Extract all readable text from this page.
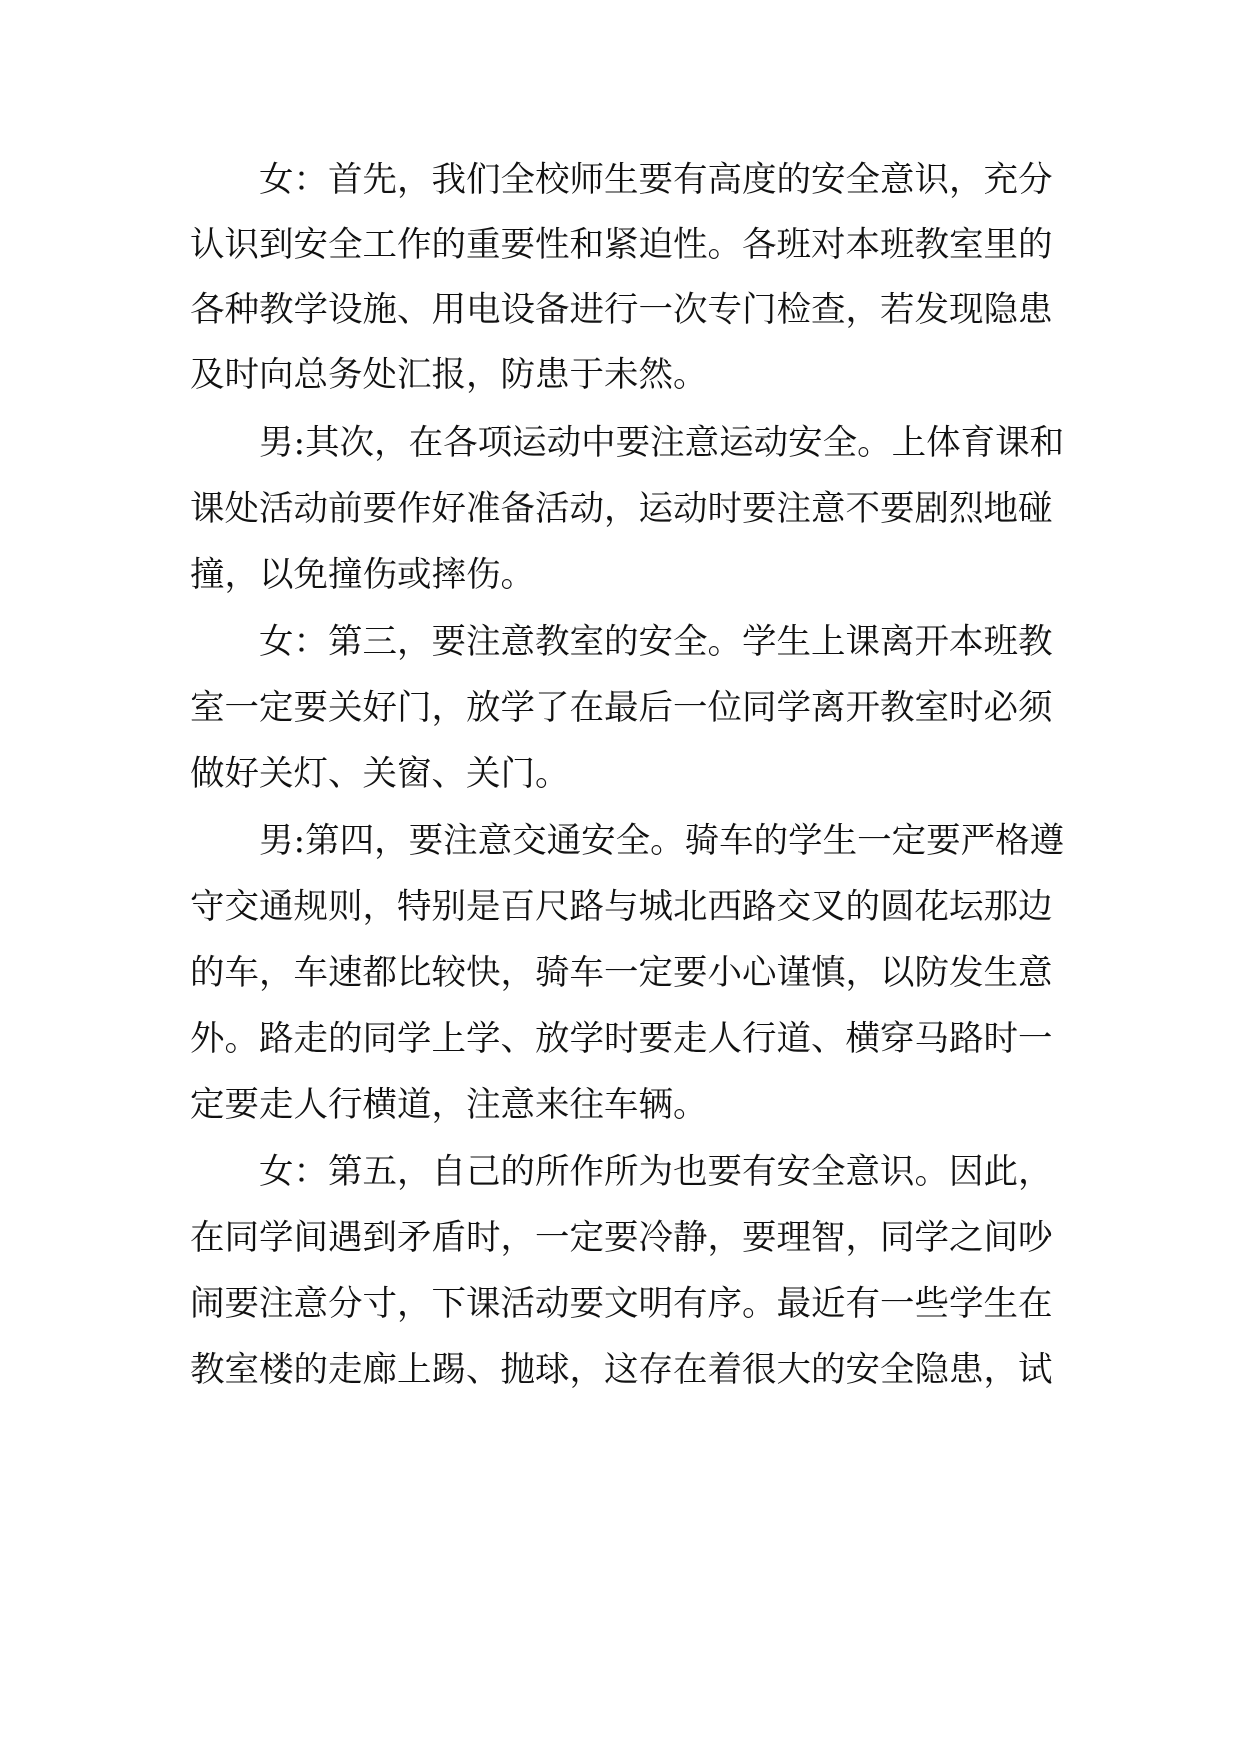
女：首先，我们全校师生要有高度的安全意识，充分
认识到安全工作的重要性和紧迫性。各班对本班教室里的
各种教学设施、用电设备进行一次专门检查，若发现隐患
及时向总务处汇报，防患于未然。
男:其次，在各项运动中要注意运动安全。上体育课和
课处活动前要作好准备活动，运动时要注意不要剧烈地碰
撞，以免撞伤或摔伤。
女：第三，要注意教室的安全。学生上课离开本班教
室一定要关好门，放学了在最后一位同学离开教室时必须
做好关灯、关窗、关门。
男:第四，要注意交通安全。骑车的学生一定要严格遵
守交通规则，特别是百尺路与城北西路交叉的圆花坛那边
的车，车速都比较快，骑车一定要小心谨慎，以防发生意
外。路走的同学上学、放学时要走人行道、横穿马路时一
定要走人行横道，注意来往车辆。
女：第五，自己的所作所为也要有安全意识。因此，
在同学间遇到矛盾时，一定要冷静，要理智，同学之间吵
闹要注意分寸，下课活动要文明有序。最近有一些学生在
教室楼的走廊上踢、抛球，这存在着很大的安全隐患，试
